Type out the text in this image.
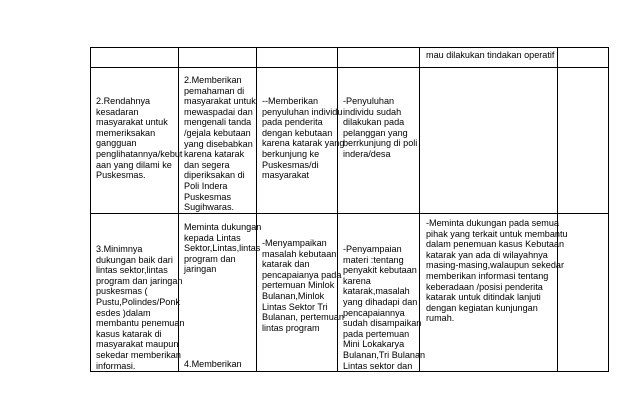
mau dilakukan tindakan operatif
2.Rendahnya
kesadaran
masyarakat untuk
memeriksakan
gangguan
penglihatannya/kebut
aan yang dilami ke
Puskesmas.
2.Memberikan
pemahaman di
masyarakat untuk
mewaspadai dan
mengenali tanda
/gejala kebutaan
yang disebabkan
karena katarak
dan segera
diperiksakan di
Poli Indera
Puskesmas
Sugihwaras.
--Memberikan
penyuluhan individu
pada penderita
dengan kebutaan
karena katarak yang
berkunjung ke
Puskesmas/di
masyarakat
-Penyuluhan
individu sudah
dilakukan pada
pelanggan yang
berrkunjung di poli
indera/desa
3.Minimnya
dukungan baik dari
lintas sektor,lintas
program dan jaringan
puskesmas (
Pustu,Polindes/Ponk
esdes )dalam
membantu penemuan
kasus katarak di
masyarakat maupun
sekedar memberikan
informasi.
Meminta dukungan
kepada Lintas
Sektor,Lintas,lintas
program dan
jaringan
4.Memberikan
-Menyampaikan
masalah kebutaan
katarak dan
pencapaianya pada
pertemuan Minlok
Bulanan,Minlok
Lintas Sektor Tri
Bulanan, pertemuan
lintas program
-Penyampaian
materi :tentang
penyakit kebutaan
karena
katarak,masalah
yang dihadapi dan
pencapaiannya
sudah disampaikan
pada pertemuan
Mini Lokakarya
Bulanan,Tri Bulanan
Lintas sektor dan
-Meminta dukungan pada semua
pihak yang terkait untuk membantu
dalam penemuan kasus Kebutaan
katarak yan ada di wilayahnya
masing-masing,walaupun sekedar
memberikan informasi tentang
keberadaan /posisi penderita
katarak untuk ditindak lanjuti
dengan kegiatan kunjungan
rumah.
